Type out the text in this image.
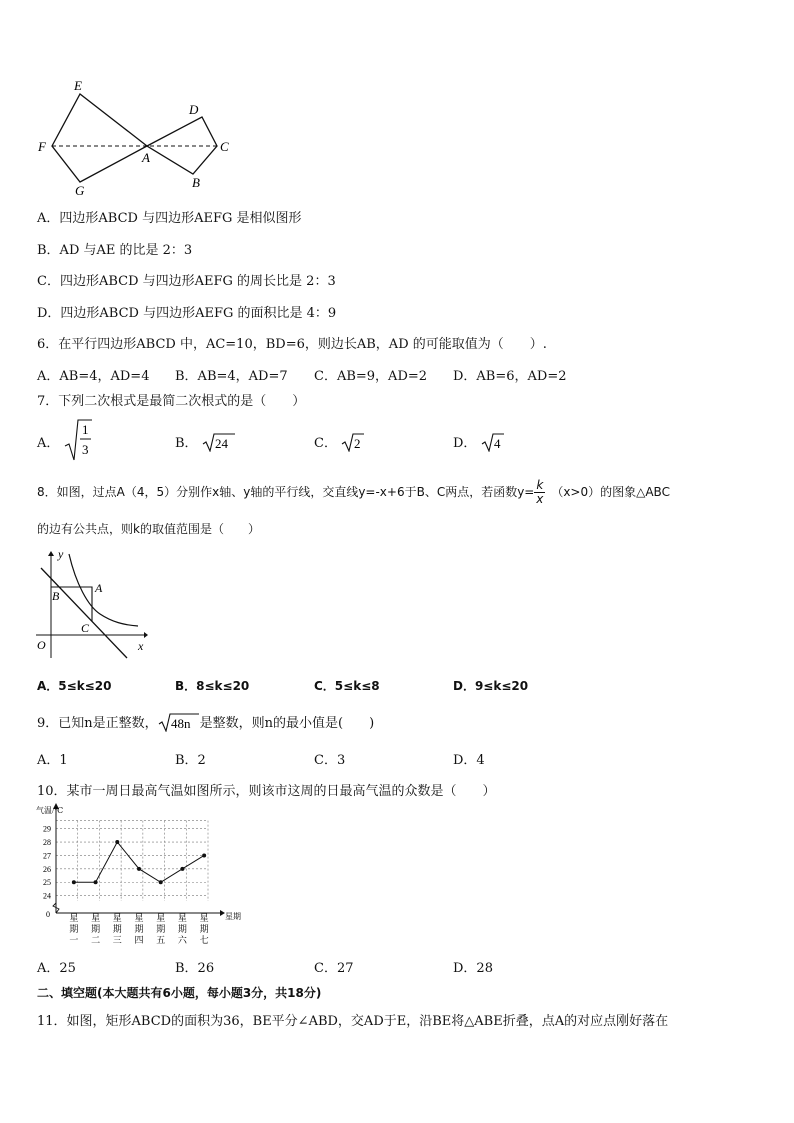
E
F
G
A
D
C
B
A．四边形ABCD 与四边形AEFG 是相似图形
B．AD 与AE 的比是 2：3
C．四边形ABCD 与四边形AEFG 的周长比是 2：3
D．四边形ABCD 与四边形AEFG 的面积比是 4：9
6．在平行四边形ABCD 中，AC=10，BD=6，则边长AB，AD 的可能取值为（　　）.
A．AB=4，AD=4 B．AB=4，AD=7 C．AB=9，AD=2 D．AB=6，AD=2
7．下列二次根式是最简二次根式的是（　　）
A．
1
3	B． 24	C． 2	D． 4
8．如图，过点A（4，5）分别作x轴、y轴的平行线，交直线y=-x+6于B、C两点，若函数$y= \frac{k}{x} (x>0)$的图象△ABC
的边有公共点，则k的取值范围是（　　）
y
A
B
C
O	x
A．5≤k≤20	B．8≤k≤20	C．5≤k≤8	D．9≤k≤20
9．已知n是正整数， 48n 是整数，则n的最小值是(　　)
A．1	B．2	C．3	D．4
10．某市一周日最高气温如图所示，则该市这周的日最高气温的众数是（　　）
气温/℃
星期
0
24
25
26
27
28
29
星期一
星期二
星期三
星期四
星期五
星期六
星期七
A．25	B．26	C．27	D．28
二、填空题(本大题共有6小题，每小题3分，共18分)
11．如图，矩形ABCD的面积为36，BE平分∠ABD，交AD于E，沿BE将△ABE折叠，点A的对应点刚好落在
